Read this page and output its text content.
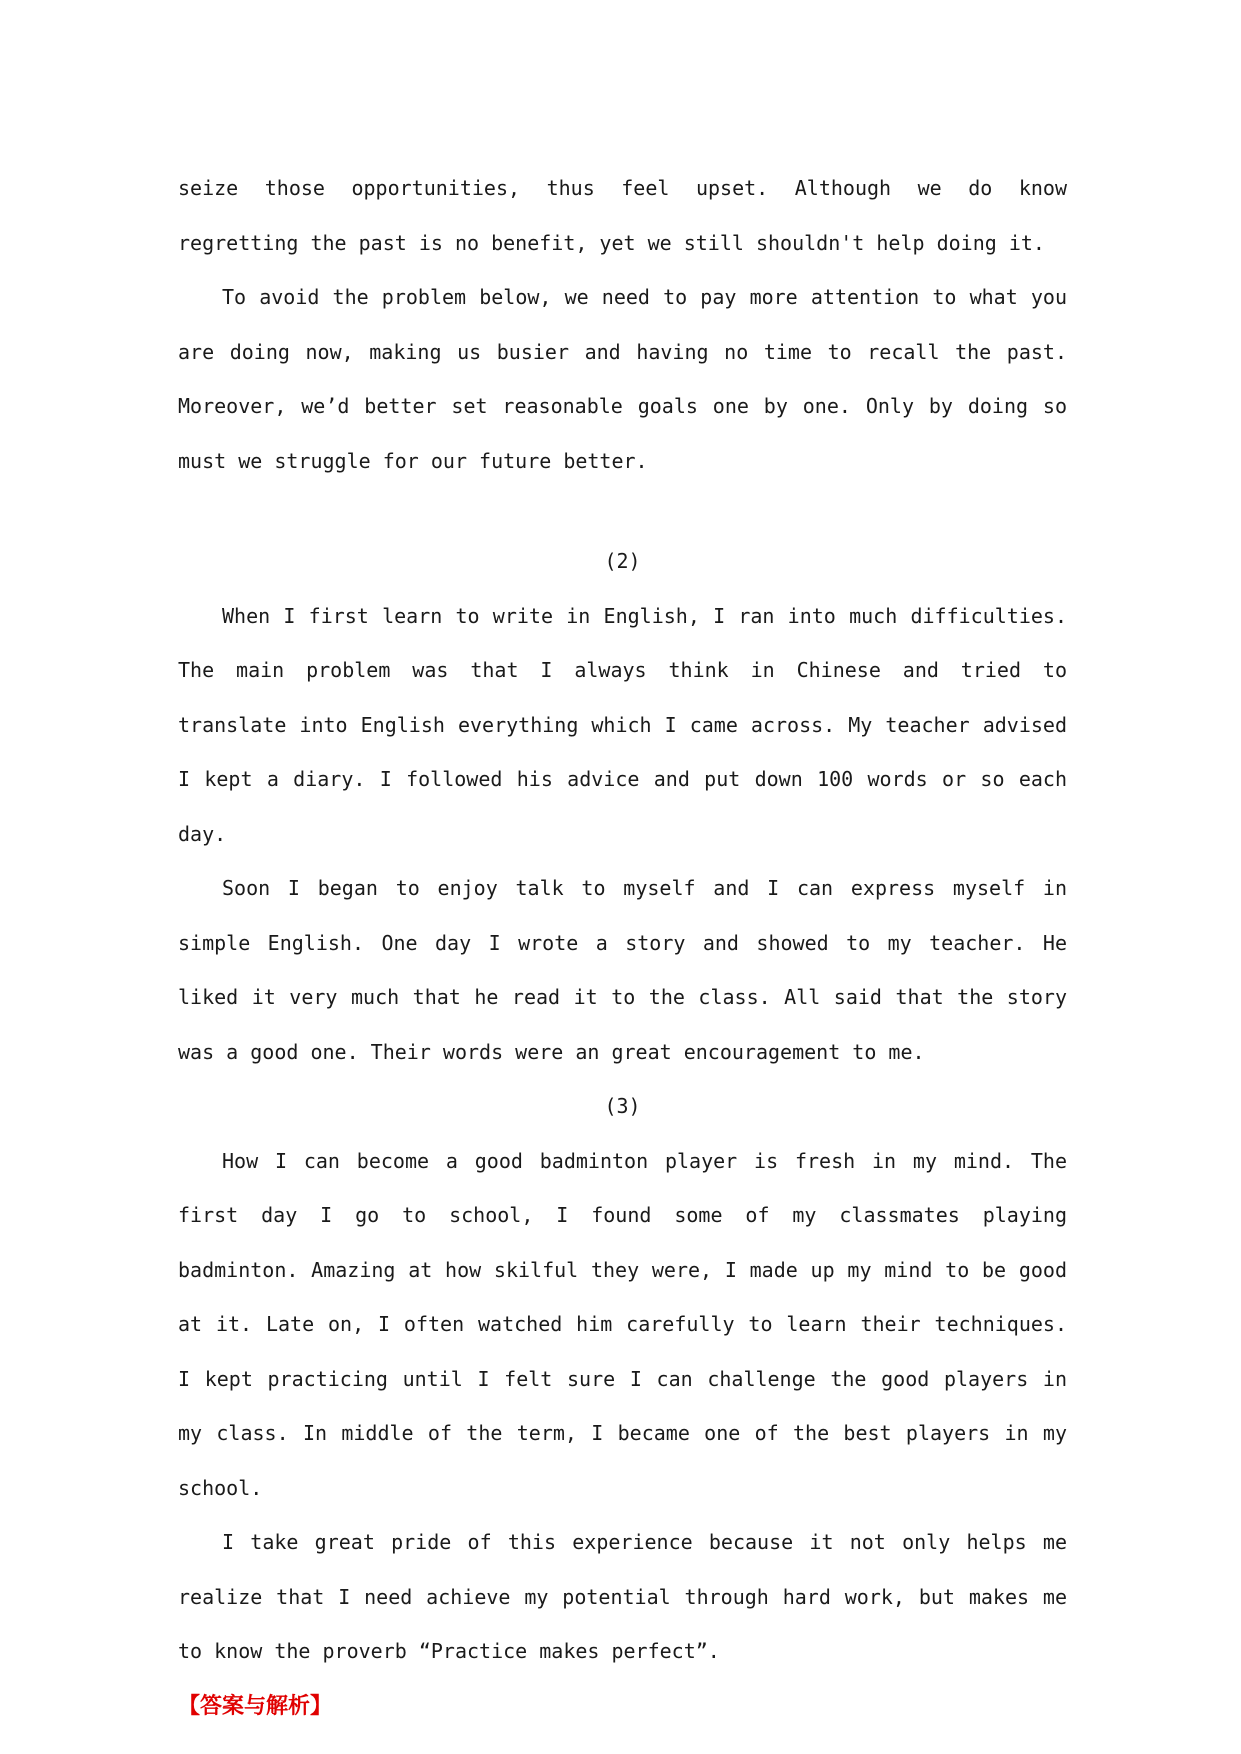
seize those opportunities, thus feel upset. Although we do know regretting the past is no benefit, yet we still shouldn't help doing it.

To avoid the problem below, we need to pay more attention to what you are doing now, making us busier and having no time to recall the past. Moreover, we’d better set reasonable goals one by one. Only by doing so must we struggle for our future better.

(2)

When I first learn to write in English, I ran into much difficulties. The main problem was that I always think in Chinese and tried to translate into English everything which I came across. My teacher advised I kept a diary. I followed his advice and put down 100 words or so each day.

Soon I began to enjoy talk to myself and I can express myself in simple English. One day I wrote a story and showed to my teacher. He liked it very much that he read it to the class. All said that the story was a good one. Their words were an great encouragement to me.

(3)

How I can become a good badminton player is fresh in my mind. The first day I go to school, I found some of my classmates playing badminton. Amazing at how skilful they were, I made up my mind to be good at it. Late on, I often watched him carefully to learn their techniques. I kept practicing until I felt sure I can challenge the good players in my class. In middle of the term, I became one of the best players in my school.

I take great pride of this experience because it not only helps me realize that I need achieve my potential through hard work, but makes me to know the proverb “Practice makes perfect”.

【答案与解析】
